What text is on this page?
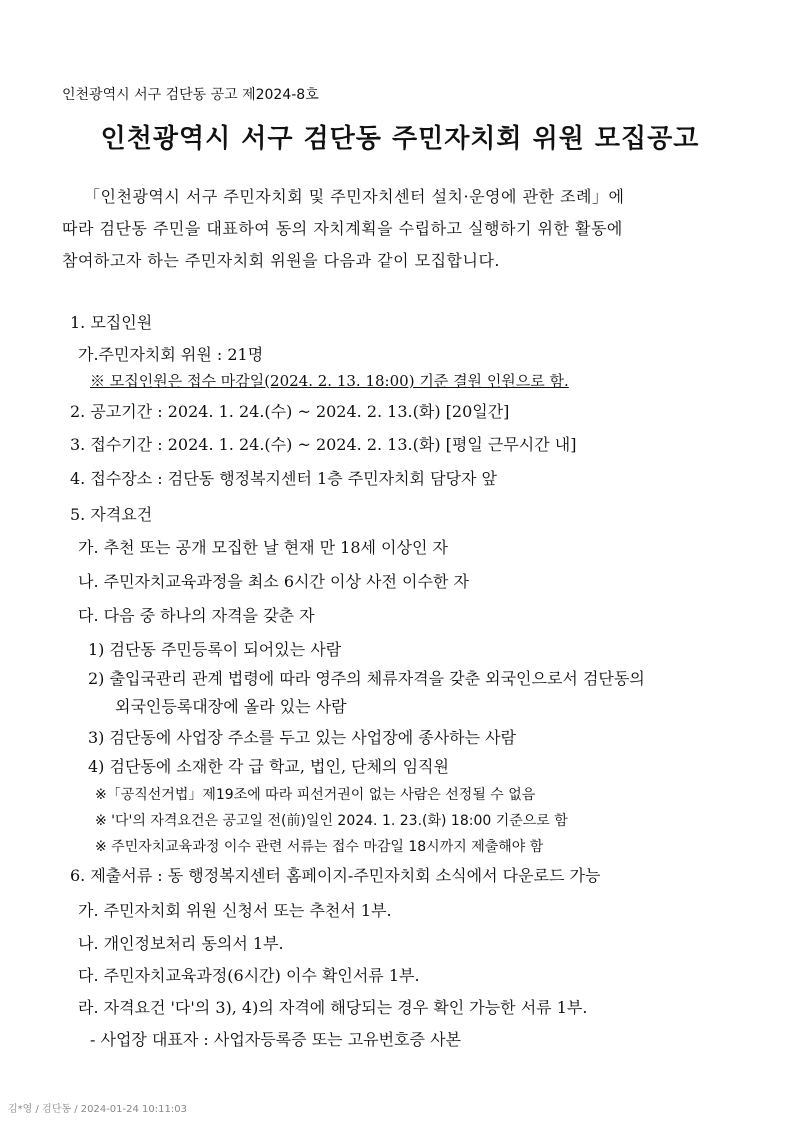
인천광역시 서구 검단동 공고 제2024-8호
인천광역시 서구 검단동 주민자치회 위원 모집공고
「인천광역시 서구 주민자치회 및 주민자치센터 설치·운영에 관한 조례」에
따라 검단동 주민을 대표하여 동의 자치계획을 수립하고 실행하기 위한 활동에
참여하고자 하는 주민자치회 위원을 다음과 같이 모집합니다.
1. 모집인원
가.주민자치회 위원 : 21명
※ 모집인원은 접수 마감일(2024. 2. 13. 18:00) 기준 결원 인원으로 함.
2. 공고기간 : 2024. 1. 24.(수) ~ 2024. 2. 13.(화) [20일간]
3. 접수기간 : 2024. 1. 24.(수) ~ 2024. 2. 13.(화) [평일 근무시간 내]
4. 접수장소 : 검단동 행정복지센터 1층 주민자치회 담당자 앞
5. 자격요건
가. 추천 또는 공개 모집한 날 현재 만 18세 이상인 자
나. 주민자치교육과정을 최소 6시간 이상 사전 이수한 자
다. 다음 중 하나의 자격을 갖춘 자
1) 검단동 주민등록이 되어있는 사람
2) 출입국관리 관계 법령에 따라 영주의 체류자격을 갖춘 외국인으로서 검단동의
외국인등록대장에 올라 있는 사람
3) 검단동에 사업장 주소를 두고 있는 사업장에 종사하는 사람
4) 검단동에 소재한 각 급 학교, 법인, 단체의 임직원
※「공직선거법」제19조에 따라 피선거권이 없는 사람은 선정될 수 없음
※ '다'의 자격요건은 공고일 전(前)일인 2024. 1. 23.(화) 18:00 기준으로 함
※ 주민자치교육과정 이수 관련 서류는 접수 마감일 18시까지 제출해야 함
6. 제출서류 : 동 행정복지센터 홈페이지-주민자치회 소식에서 다운로드 가능
가. 주민자치회 위원 신청서 또는 추천서 1부.
나. 개인정보처리 동의서 1부.
다. 주민자치교육과정(6시간) 이수 확인서류 1부.
라. 자격요건 '다'의 3), 4)의 자격에 해당되는 경우 확인 가능한 서류 1부.
- 사업장 대표자 : 사업자등록증 또는 고유번호증 사본
김*영 / 검단동 / 2024-01-24 10:11:03
